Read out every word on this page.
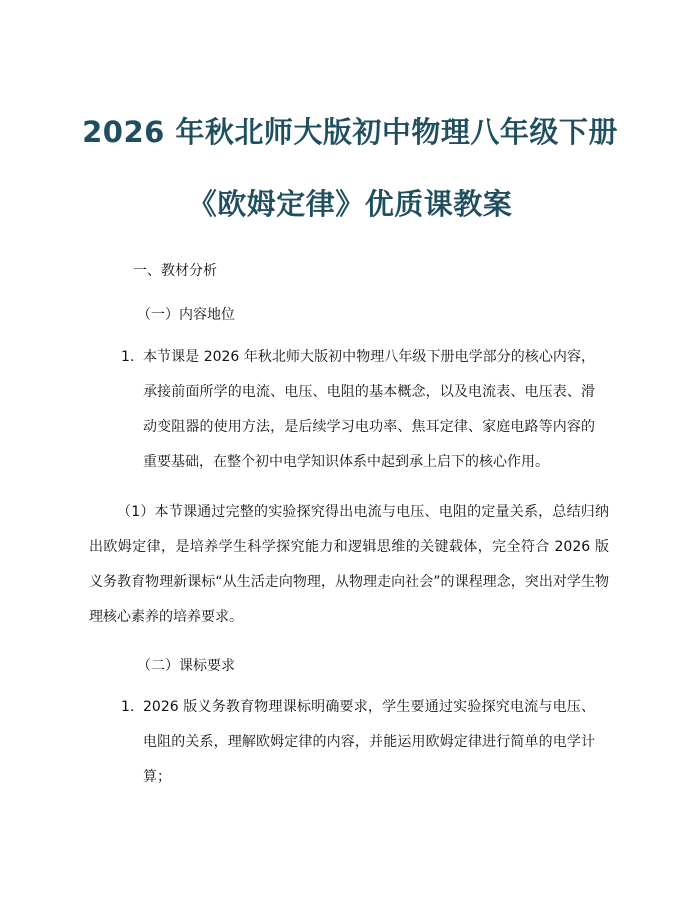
2026 年秋北师大版初中物理八年级下册
《欧姆定律》优质课教案
一、教材分析
（一）内容地位
1. 本节课是 2026 年秋北师大版初中物理八年级下册电学部分的核心内容，承接前面所学的电流、电压、电阻的基本概念，以及电流表、电压表、滑动变阻器的使用方法，是后续学习电功率、焦耳定律、家庭电路等内容的重要基础，在整个初中电学知识体系中起到承上启下的核心作用。
（1）本节课通过完整的实验探究得出电流与电压、电阻的定量关系，总结归纳出欧姆定律，是培养学生科学探究能力和逻辑思维的关键载体，完全符合 2026 版义务教育物理新课标“从生活走向物理，从物理走向社会”的课程理念，突出对学生物理核心素养的培养要求。
（二）课标要求
1. 2026 版义务教育物理课标明确要求，学生要通过实验探究电流与电压、电阻的关系，理解欧姆定律的内容，并能运用欧姆定律进行简单的电学计算；
